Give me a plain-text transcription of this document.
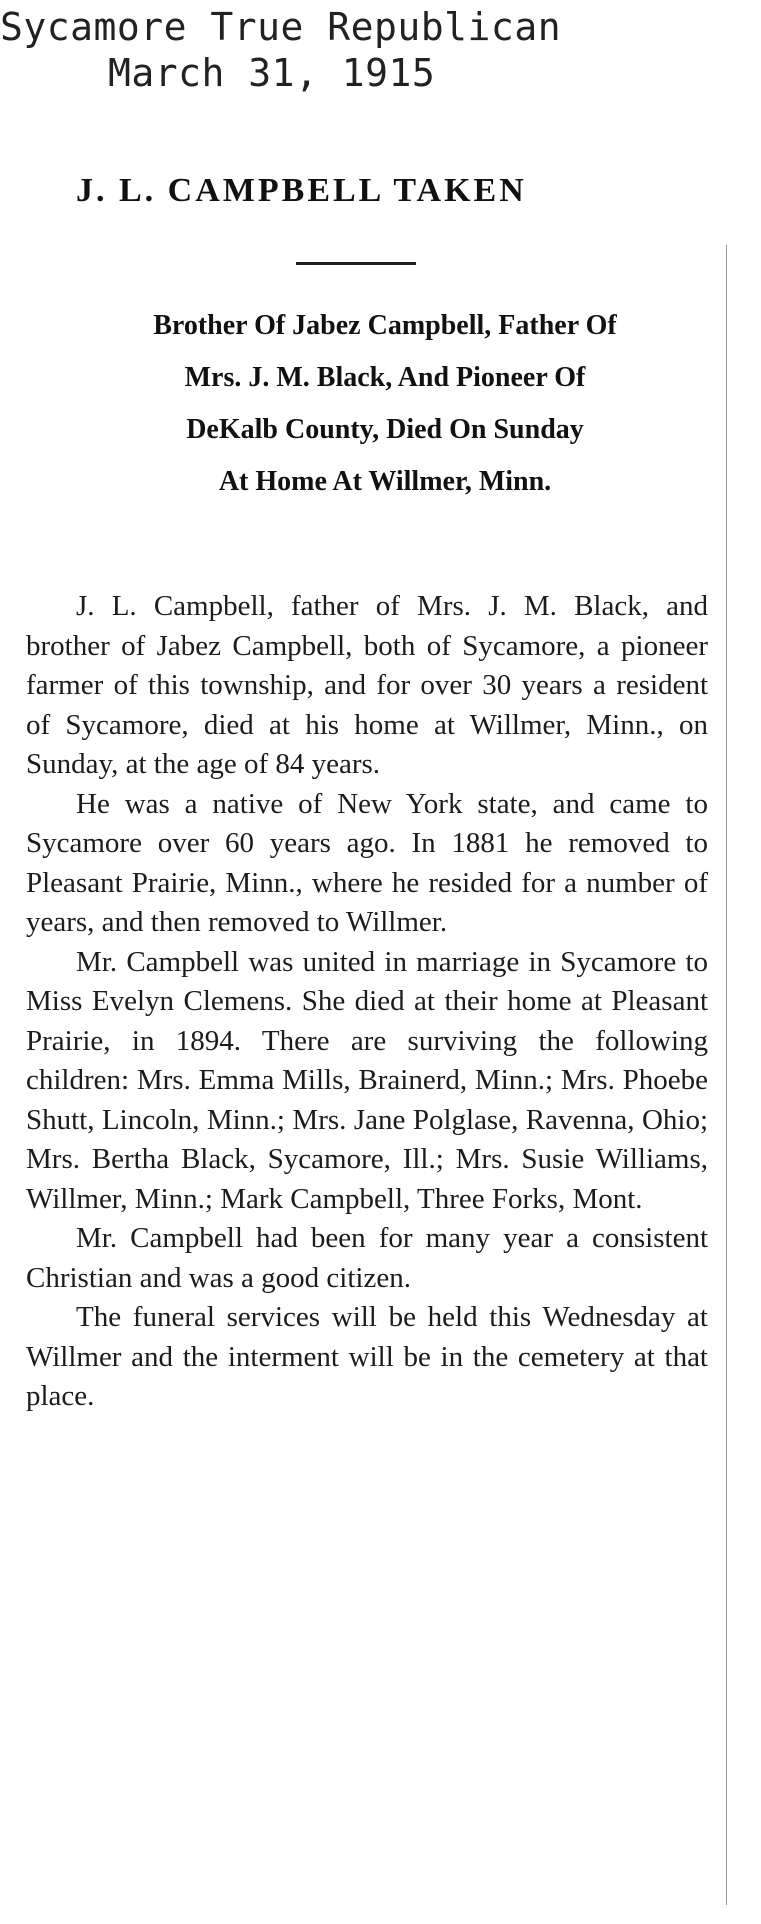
Sycamore True Republican
March 31, 1915
J. L. CAMPBELL TAKEN
Brother Of Jabez Campbell, Father Of
Mrs. J. M. Black, And Pioneer Of
DeKalb County, Died On Sunday
At Home At Willmer, Minn.

J. L. Campbell, father of Mrs. J. M. Black, and brother of Jabez Campbell, both of Sycamore, a pioneer farmer of this township, and for over 30 years a resident of Sycamore, died at his home at Willmer, Minn., on Sunday, at the age of 84 years.

He was a native of New York state, and came to Sycamore over 60 years ago. In 1881 he removed to Pleasant Prairie, Minn., where he resided for a number of years, and then removed to Willmer.

Mr. Campbell was united in marriage in Sycamore to Miss Evelyn Clemens. She died at their home at Pleasant Prairie, in 1894. There are surviving the following children: Mrs. Emma Mills, Brainerd, Minn.; Mrs. Phoebe Shutt, Lincoln, Minn.; Mrs. Jane Polglase, Ravenna, Ohio; Mrs. Bertha Black, Sycamore, Ill.; Mrs. Susie Williams, Willmer, Minn.; Mark Campbell, Three Forks, Mont.

Mr. Campbell had been for many year a consistent Christian and was a good citizen.

The funeral services will be held this Wednesday at Willmer and the interment will be in the cemetery at that place.
